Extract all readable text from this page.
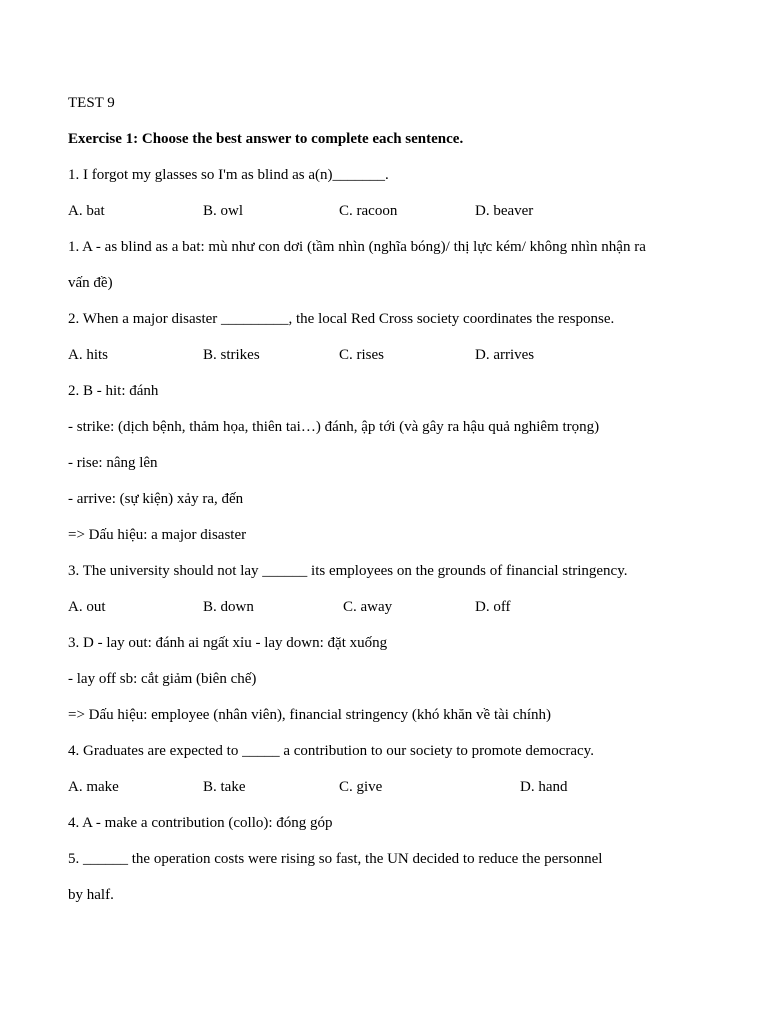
TEST 9
Exercise 1: Choose the best answer to complete each sentence.
1. I forgot my glasses so I'm as blind as a(n)_______.
A. bat	B. owl	C. racoon	D. beaver
1. A - as blind as a bat: mù như con dơi (tầm nhìn (nghĩa bóng)/ thị lực kém/ không nhìn nhận ra
vấn đề)
2. When a major disaster _________, the local Red Cross society coordinates the response.
A. hits	B. strikes	C. rises	D. arrives
2. B - hit: đánh
- strike: (dịch bệnh, thảm họa, thiên tai…) đánh, ập tới (và gây ra hậu quả nghiêm trọng)
- rise: nâng lên
- arrive: (sự kiện) xảy ra, đến
=> Dấu hiệu: a major disaster
3. The university should not lay ______ its employees on the grounds of financial stringency.
A. out	B. down	C. away	D. off
3. D - lay out: đánh ai ngất xỉu - lay down: đặt xuống
- lay off sb: cắt giảm (biên chế)
=> Dấu hiệu: employee (nhân viên), financial stringency (khó khăn về tài chính)
4. Graduates are expected to _____ a contribution to our society to promote democracy.
A. make	B. take	C. give	D. hand
4. A - make a contribution (collo): đóng góp
5. ______ the operation costs were rising so fast, the UN decided to reduce the personnel
by half.
